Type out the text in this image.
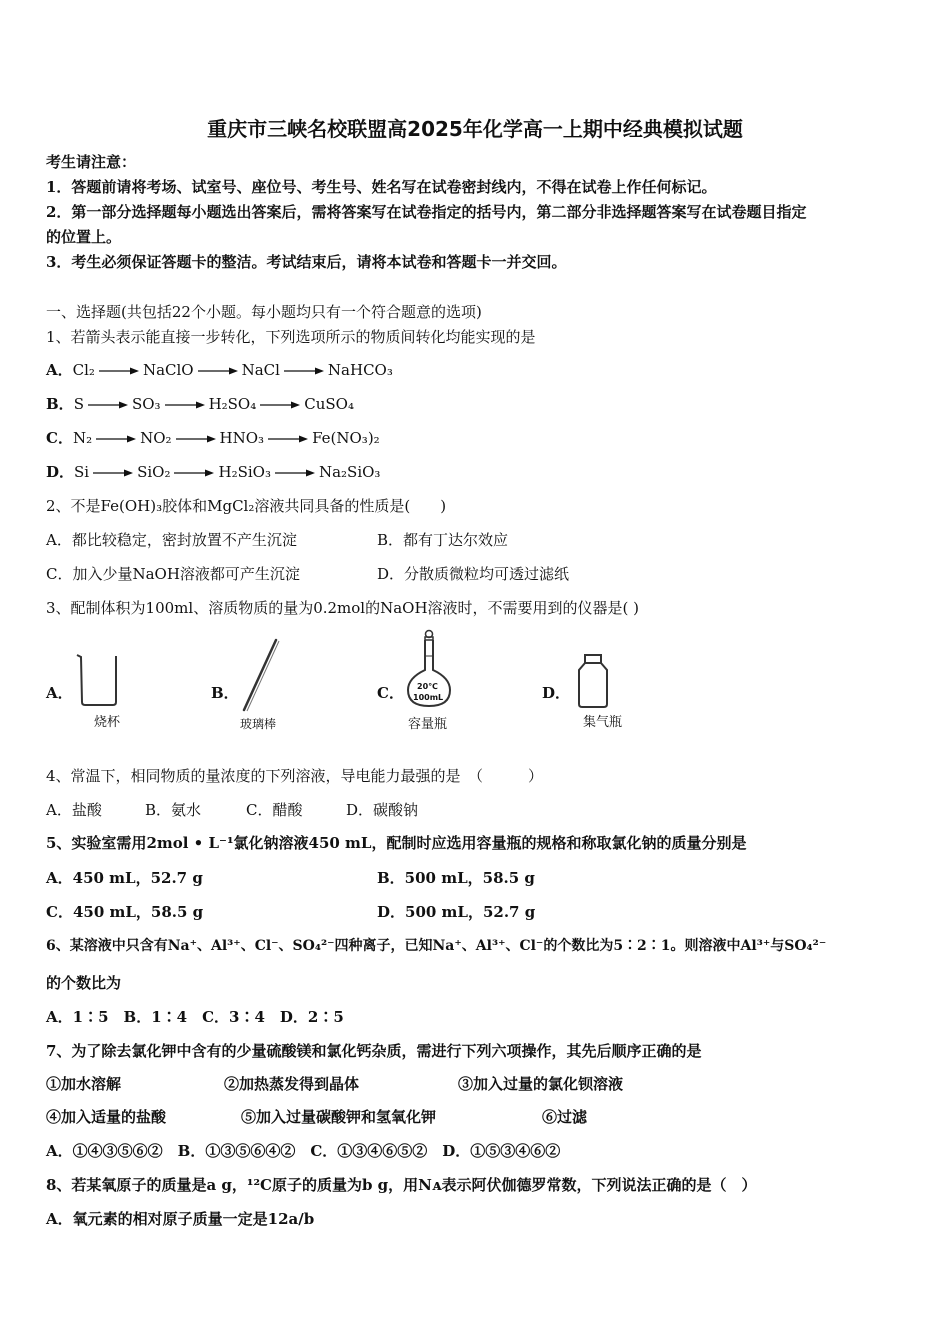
重庆市三峡名校联盟高2025年化学高一上期中经典模拟试题
考生请注意：
1．答题前请将考场、试室号、座位号、考生号、姓名写在试卷密封线内，不得在试卷上作任何标记。
2．第一部分选择题每小题选出答案后，需将答案写在试卷指定的括号内，第二部分非选择题答案写在试卷题目指定
的位置上。
3．考生必须保证答题卡的整洁。考试结束后，请将本试卷和答题卡一并交回。
一、选择题(共包括22个小题。每小题均只有一个符合题意的选项)
1、若箭头表示能直接一步转化，下列选项所示的物质间转化均能实现的是
A．Cl₂	NaClO	NaCl	NaHCO₃
B．S	SO₃	H₂SO₄	CuSO₄
C．N₂	NO₂	HNO₃	Fe(NO₃)₂
D．Si	SiO₂	H₂SiO₃	Na₂SiO₃
2、不是Fe(OH)₃胶体和MgCl₂溶液共同具备的性质是(　　)
A．都比较稳定，密封放置不产生沉淀	B．都有丁达尔效应
C．加入少量NaOH溶液都可产生沉淀	D．分散质微粒均可透过滤纸
3、配制体积为100ml、溶质物质的量为0.2mol的NaOH溶液时，不需要用到的仪器是( )
A．
烧杯
B．
玻璃棒
C． 20℃
100mL
容量瓶
D．
集气瓶
4、常温下，相同物质的量浓度的下列溶液，导电能力最强的是　（　　　）
A．盐酸	B．氨水	C．醋酸	D．碳酸钠
5、实验室需用2mol • L⁻¹氯化钠溶液450 mL，配制时应选用容量瓶的规格和称取氯化钠的质量分别是
A．450 mL，52.7 g	B．500 mL，58.5 g
C．450 mL，58.5 g	D．500 mL，52.7 g
6、某溶液中只含有Na⁺、Al³⁺、Cl⁻、SO₄²⁻四种离子，已知Na⁺、Al³⁺、Cl⁻的个数比为5∶2∶1。则溶液中Al³⁺与SO₄²⁻
的个数比为
A．1∶5　B．1∶4　C．3∶4　D．2∶5
7、为了除去氯化钾中含有的少量硫酸镁和氯化钙杂质，需进行下列六项操作，其先后顺序正确的是
①加水溶解	②加热蒸发得到晶体	③加入过量的氯化钡溶液
④加入适量的盐酸	⑤加入过量碳酸钾和氢氧化钾	⑥过滤
A．①④③⑤⑥②　B．①③⑤⑥④②　C．①③④⑥⑤②　D．①⑤③④⑥②
8、若某氧原子的质量是a g，¹²C原子的质量为b g，用Nᴀ表示阿伏伽德罗常数，下列说法正确的是（　）
A．氧元素的相对原子质量一定是12a/b
